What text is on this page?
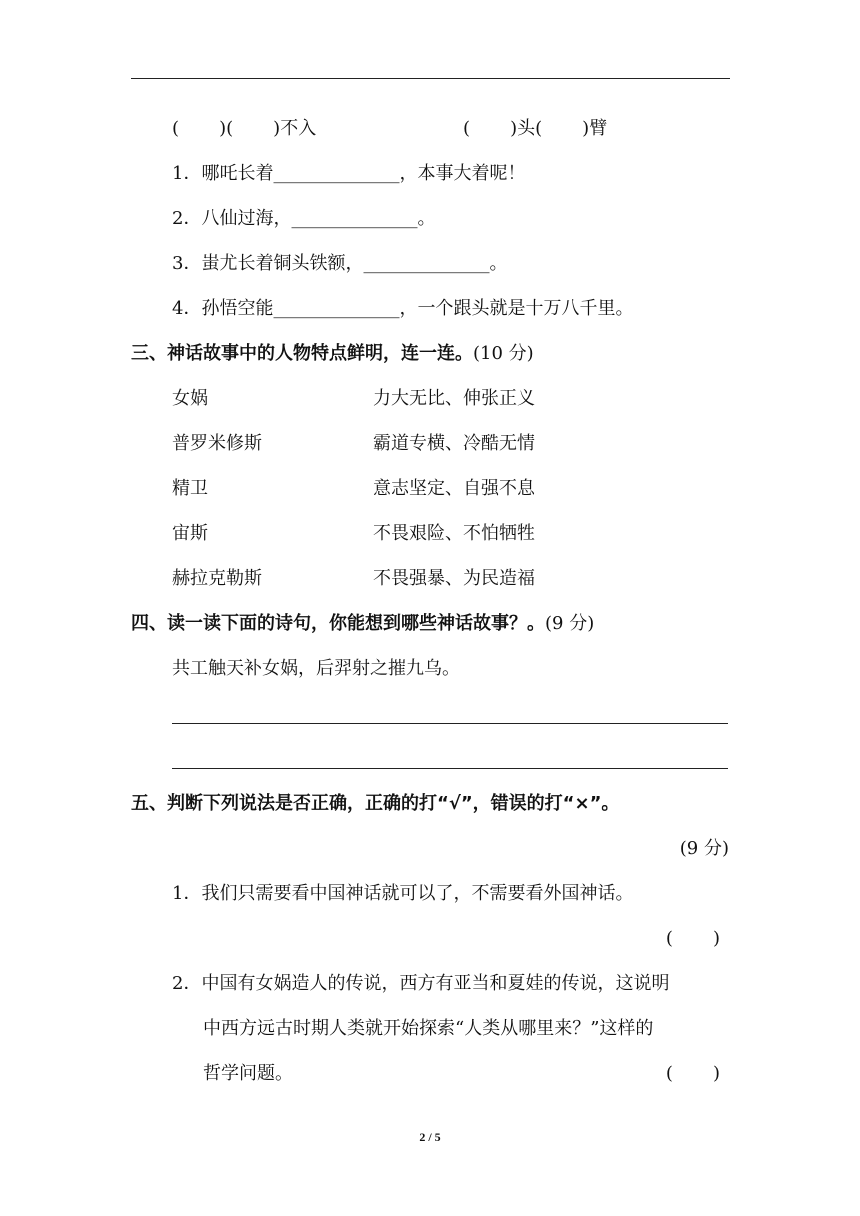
(       )(       )不入	(       )头(       )臂
1．哪吒长着______________，本事大着呢！
2．八仙过海，______________。
3．蚩尤长着铜头铁额，______________。
4．孙悟空能______________，一个跟头就是十万八千里。
三、神话故事中的人物特点鲜明，连一连。(10 分)
女娲	力大无比、伸张正义
普罗米修斯	霸道专横、冷酷无情
精卫	意志坚定、自强不息
宙斯	不畏艰险、不怕牺牲
赫拉克勒斯	不畏强暴、为民造福
四、读一读下面的诗句，你能想到哪些神话故事？。(9 分)
共工触天补女娲，后羿射之摧九乌。
五、判断下列说法是否正确，正确的打“√”，错误的打“×”。
(9 分)
1．我们只需要看中国神话就可以了，不需要看外国神话。
(       )
2．中国有女娲造人的传说，西方有亚当和夏娃的传说，这说明
中西方远古时期人类就开始探索“人类从哪里来？”这样的
哲学问题。	(       )
2 / 5
